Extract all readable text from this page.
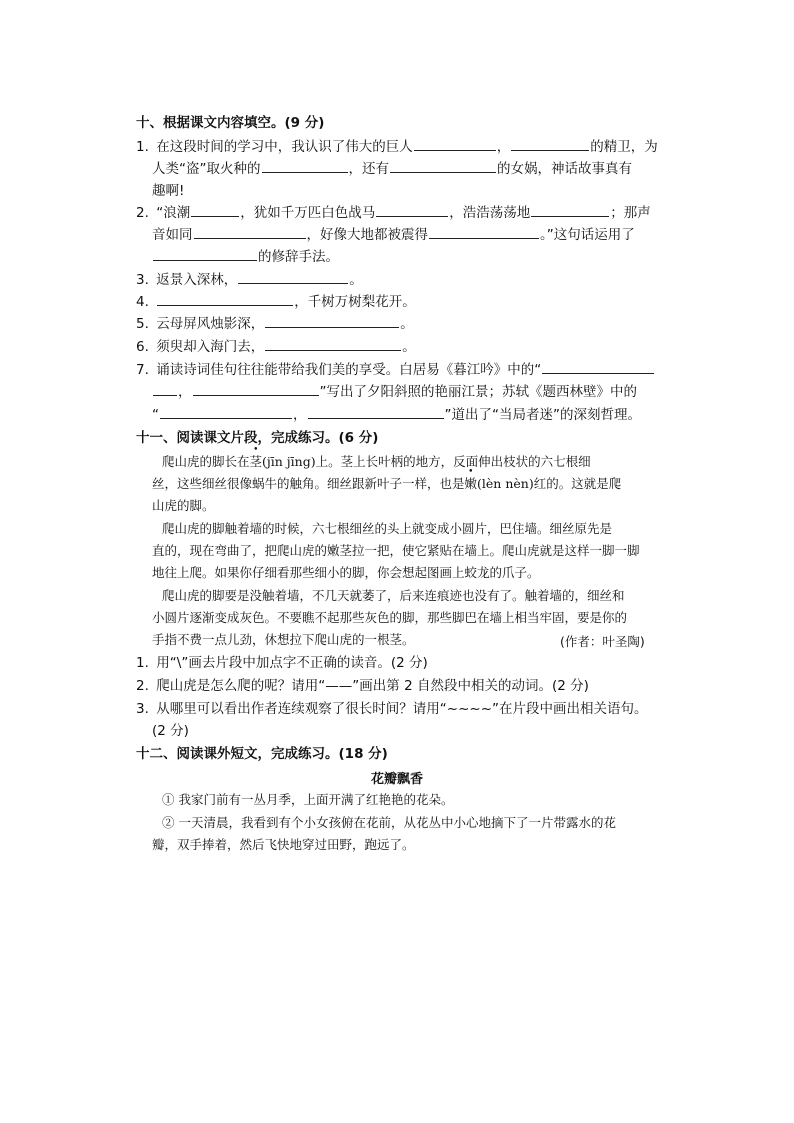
十、根据课文内容填空。(9 分)
1. 在这段时间的学习中，我认识了伟大的巨人	，	的精卫，为
人类“盗”取火种的	，还有	的女娲，神话故事真有
趣啊!
2. “浪潮	，犹如千万匹白色战马	，浩浩荡荡地	；那声
音如同	，好像大地都被震得	。”这句话运用了
的修辞手法。
3. 返景入深林，	。
4.	，千树万树梨花开。
5. 云母屏风烛影深，	。
6. 须臾却入海门去，	。
7. 诵读诗词佳句往往能带给我们美的享受。白居易《暮江吟》中的“
，	”写出了夕阳斜照的艳丽江景；苏轼《题西林壁》中的
“	，	”道出了“当局者迷”的深刻哲理。
十一、阅读课文片段，完成练习。(6 分)
爬山虎的脚长在茎(jīn jīng)上。茎上长叶柄的地方，反面伸出枝状的六七根细
丝，这些细丝很像蜗牛的触角。细丝跟新叶子一样，也是嫩(lèn nèn)红的。这就是爬
山虎的脚。
爬山虎的脚触着墙的时候，六七根细丝的头上就变成小圆片，巴住墙。细丝原先是
直的，现在弯曲了，把爬山虎的嫩茎拉一把，使它紧贴在墙上。爬山虎就是这样一脚一脚
地往上爬。如果你仔细看那些细小的脚，你会想起图画上蛟龙的爪子。
爬山虎的脚要是没触着墙，不几天就萎了，后来连痕迹也没有了。触着墙的，细丝和
小圆片逐渐变成灰色。不要瞧不起那些灰色的脚，那些脚巴在墙上相当牢固，要是你的
手指不费一点儿劲，休想拉下爬山虎的一根茎。	(作者：叶圣陶)
1. 用“\”画去片段中加点字不正确的读音。(2 分)
2. 爬山虎是怎么爬的呢？请用“——”画出第 2 自然段中相关的动词。(2 分)
3. 从哪里可以看出作者连续观察了很长时间？请用“~~~~”在片段中画出相关语句。
(2 分)
十二、阅读课外短文，完成练习。(18 分)
花瓣飘香
① 我家门前有一丛月季，上面开满了红艳艳的花朵。
② 一天清晨，我看到有个小女孩俯在花前，从花丛中小心地摘下了一片带露水的花
瓣，双手捧着，然后飞快地穿过田野，跑远了。
